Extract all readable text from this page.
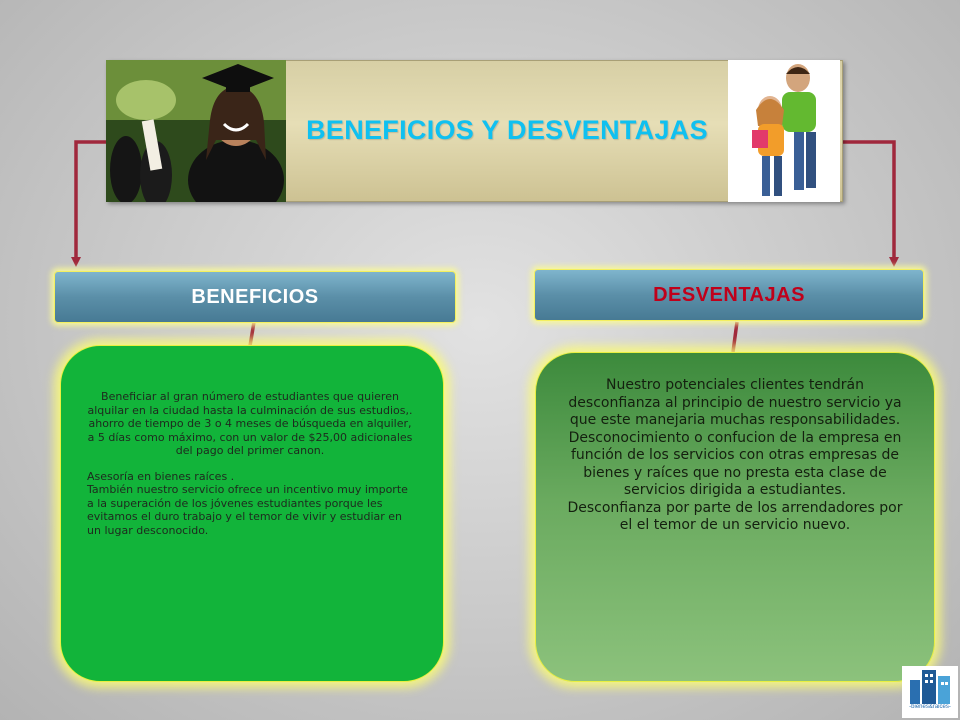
BENEFICIOS Y DESVENTAJAS
BENEFICIOS	DESVENTAJAS

Beneficiar al gran número de estudiantes que quieren alquilar en la ciudad hasta la culminación de sus estudios,. ahorro de tiempo de 3 o 4 meses de búsqueda en alquiler, a 5 días como máximo, con un valor de $25,00 adicionales del pago del primer canon.

Asesoría en bienes raíces .

También nuestro servicio ofrece un incentivo muy importe a la superación de los jóvenes estudiantes porque les evitamos el duro trabajo y el temor de vivir y estudiar en un lugar desconocido.

Nuestro potenciales clientes tendrán desconfianza al principio de nuestro servicio ya que este manejaria muchas responsabilidades.
Desconocimiento o confucion de la empresa en función de los servicios con otras empresas de bienes y raíces que no presta esta clase de servicios dirigida a estudiantes.
Desconfianza por parte de los arrendadores por el el temor de un servicio nuevo.
-bienes&raices-
